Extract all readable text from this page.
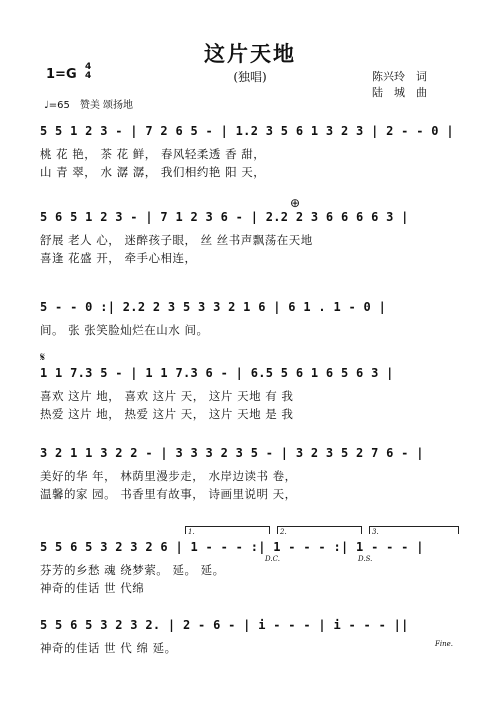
这片天地
(独唱)
1=G 4
4	陈兴玲　词
陆　城　曲
♩=65　赞美 颂扬地
5 5 1 2 3 - | 7 2 6 5 - | 1.2 3 5 6 1 3 2 3 | 2 - - 0 |
桃 花 艳， 茶 花 鲜， 春风轻柔透 香 甜，
山 青 翠， 水 潺 潺， 我们相约艳 阳 天，
⊕
5 6 5 1 2 3 - | 7 1 2 3 6 - | 2.2 2 3 6 6 6 6 3 |
舒展 老人 心， 迷醉孩子眼， 丝 丝书声飘荡在天地
喜逢 花盛 开， 牵手心相连，
5 - - 0 :| 2.2 2 3 5 3 3 2 1 6 | 6 1 . 1 - 0 |
间。 张 张笑脸灿烂在山水 间。
𝄋
1 1 7.3 5 - | 1 1 7.3 6 - | 6.5 5 6 1 6 5 6 3 |
喜欢 这片 地， 喜欢 这片 天， 这片 天地 有 我
热爱 这片 地， 热爱 这片 天， 这片 天地 是 我
3 2 1 1 3 2 2 - | 3 3 3 2 3 5 - | 3 2 3 5 2 7 6 - |
美好的华 年， 林荫里漫步走， 水岸边读书 卷，
温馨的家 园。 书香里有故事， 诗画里说明 天，
1.	2.	3.
5 5 6 5 3 2 3 2 6 | 1 - - - :| 1 - - - :| 1 - - - |
D.C.	D.S.
芬芳的乡愁 魂 绕梦萦。 延。 延。
神奇的佳话 世 代绵
5 5 6 5 3 2 3 2. | 2 - 6 - | i - - - | i - - - ||
神奇的佳话 世 代 绵 延。	Fine.
